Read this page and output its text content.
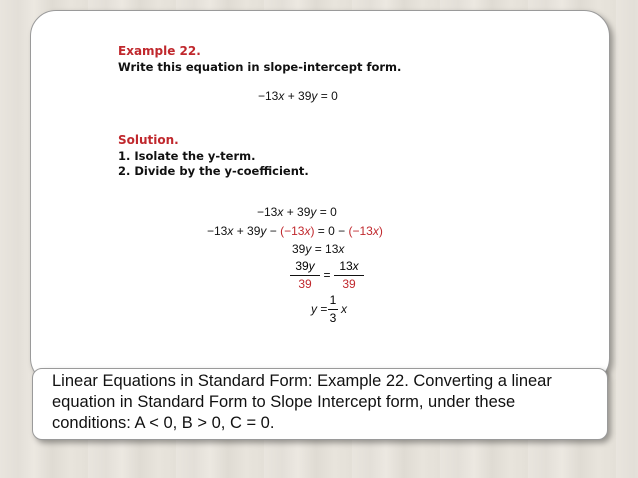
Example 22.
Write this equation in slope-intercept form.
−13x + 39y = 0
Solution.
1. Isolate the y-term.
2. Divide by the y-coefficient.
−13x + 39y = 0
−13x + 39y − (−13x) = 0 − (−13x)
39y = 13x
39y
39
=
13x
39
y =
1
3
x
Linear Equations in Standard Form: Example 22. Converting a linear equation in Standard Form to Slope Intercept form, under these conditions: A < 0, B > 0, C = 0.
